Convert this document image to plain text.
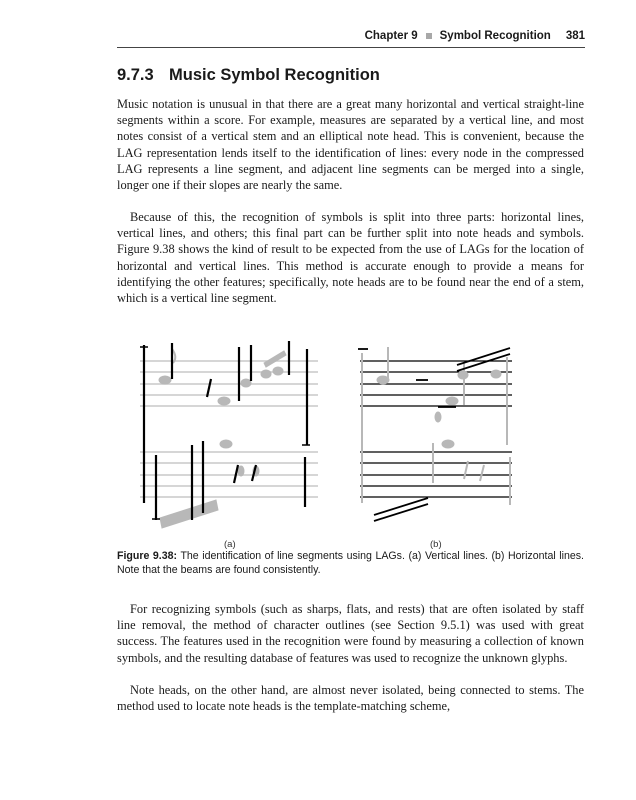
Chapter 9 Symbol Recognition 381
9.7.3 Music Symbol Recognition

Music notation is unusual in that there are a great many horizontal and vertical straight-line segments within a score. For example, measures are separated by a vertical line, and most notes consist of a vertical stem and an elliptical note head. This is convenient, because the LAG representation lends itself to the identification of lines: every node in the compressed LAG represents a line segment, and adjacent line segments can be merged into a single, longer one if their slopes are nearly the same.

Because of this, the recognition of symbols is split into three parts: horizontal lines, vertical lines, and others; this final part can be further split into note heads and symbols. Figure 9.38 shows the kind of result to be expected from the use of LAGs for the location of horizontal and vertical lines. This method is accurate enough to provide a means for identifying the other features; specifically, note heads are to be found near the end of a stem, which is a vertical line segment.

(a)	(b)

Figure 9.38: The identification of line segments using LAGs. (a) Vertical lines. (b) Horizontal lines. Note that the beams are found consistently.

For recognizing symbols (such as sharps, flats, and rests) that are often isolated by staff line removal, the method of character outlines (see Section 9.5.1) was used with great success. The features used in the recognition were found by measuring a collection of known symbols, and the resulting database of features was used to recognize the unknown glyphs.

Note heads, on the other hand, are almost never isolated, being connected to stems. The method used to locate note heads is the template-matching scheme,
